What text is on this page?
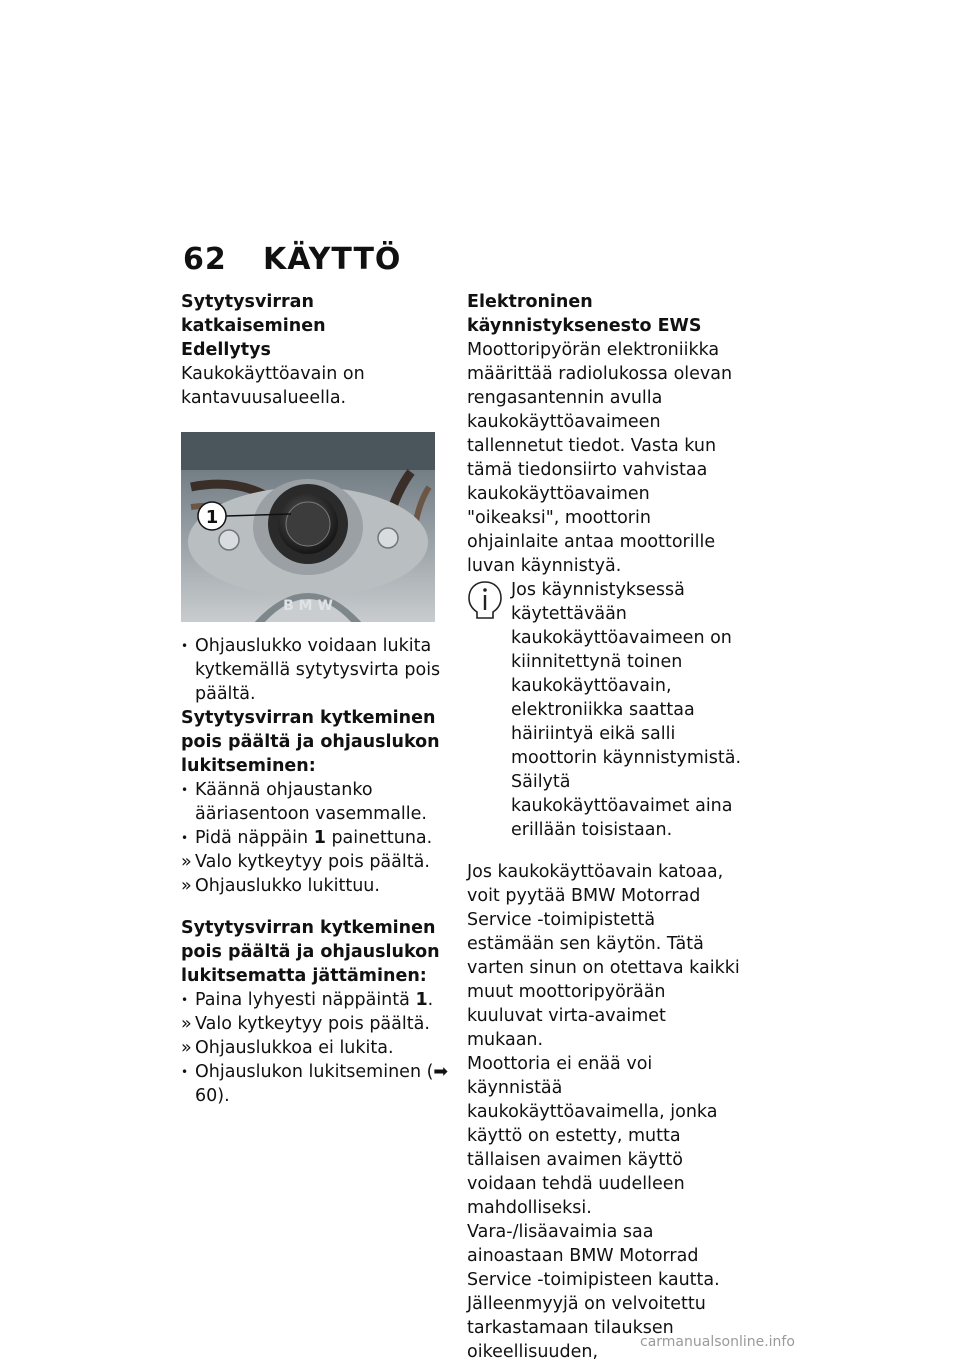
62 KÄYTTÖ
Sytytysvirran katkaiseminen
Edellytys

Kaukokäyttöavain on kantavuusalueella.

B M W
1
• Ohjauslukko voidaan lukita kytkemällä sytytysvirta pois päältä.
Sytytysvirran kytkeminen pois päältä ja ohjauslukon lukitseminen:
• Käännä ohjaustanko ääriasentoon vasemmalle.
• Pidä näppäin 1 painettuna.
» Valo kytkeytyy pois päältä.
» Ohjauslukko lukittuu.
Sytytysvirran kytkeminen pois päältä ja ohjauslukon lukitsematta jättäminen:
• Paina lyhyesti näppäintä 1.
» Valo kytkeytyy pois päältä.
» Ohjauslukkoa ei lukita.
• Ohjauslukon lukitseminen (➡ 60).
Elektroninen
käynnistyksenesto EWS

Moottoripyörän elektroniikka määrittää radiolukossa olevan rengasantennin avulla kaukokäyttöavaimeen tallennetut tiedot. Vasta kun tämä tiedonsiirto vahvistaa kaukokäyttöavaimen "oikeaksi", moottorin ohjainlaite antaa moottorille luvan käynnistyä.

Jos käynnistyksessä käytettävään kaukokäyttöavaimeen on kiinnitettynä toinen kaukokäyttöavain, elektroniikka saattaa häiriintyä eikä salli moottorin käynnistymistä. Säilytä kaukokäyttöavaimet aina erillään toisistaan.

Jos kaukokäyttöavain katoaa, voit pyytää BMW Motorrad Service -toimipistettä estämään sen käytön. Tätä varten sinun on otettava kaikki muut moottoripyörään kuuluvat virta-avaimet mukaan.

Moottoria ei enää voi käynnistää kaukokäyttöavaimella, jonka käyttö on estetty, mutta tällaisen avaimen käyttö voidaan tehdä uudelleen mahdolliseksi. Vara-/lisäavaimia saa ainoastaan BMW Motorrad Service -toimipisteen kautta. Jälleenmyyjä on velvoitettu tarkastamaan tilauksen oikeellisuuden,	carmanualsonline.info
